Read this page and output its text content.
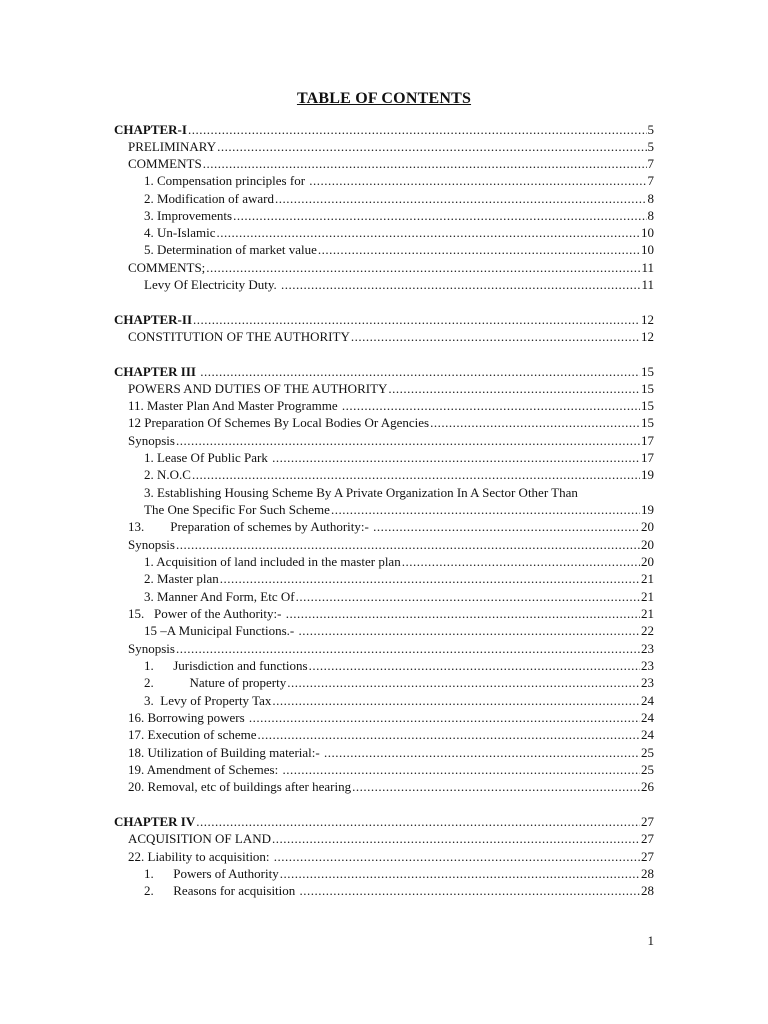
TABLE OF CONTENTS
CHAPTER-I .....	5
PRELIMINARY .....	5
COMMENTS .....	7
1. Compensation principles for .....	7
2. Modification of award .....	8
3. Improvements .....	8
4. Un-Islamic .....	10
5. Determination of market value .....	10
COMMENTS; .....	11
Levy Of Electricity Duty. .....	11
CHAPTER-II .....	12
CONSTITUTION OF THE AUTHORITY .....	12
CHAPTER III .....	15
POWERS AND DUTIES OF THE AUTHORITY .....	15
11. Master Plan And Master Programme .....	15
12 Preparation Of Schemes By Local Bodies Or Agencies .....	15
Synopsis .....	17
1. Lease Of Public Park .....	17
2. N.O.C .....	19
3. Establishing Housing Scheme By A Private Organization In A Sector Other Than
The One Specific For Such Scheme .....	19
13.        Preparation of schemes by Authority:- .....	20
Synopsis .....	20
1. Acquisition of land included in the master plan .....	20
2. Master plan .....	21
3. Manner And Form, Etc Of .....	21
15.   Power of the Authority:- .....	21
15 –A Municipal Functions.- .....	22
Synopsis .....	23
1.      Jurisdiction and functions .....	23
2.           Nature of property .....	23
3.  Levy of Property Tax .....	24
16. Borrowing powers .....	24
17. Execution of scheme .....	24
18. Utilization of Building material:- .....	25
19. Amendment of Schemes: .....	25
20. Removal, etc of buildings after hearing .....	26
CHAPTER IV .....	27
ACQUISITION OF LAND .....	27
22. Liability to acquisition: .....	27
1.      Powers of Authority .....	28
2.      Reasons for acquisition .....	28
1
